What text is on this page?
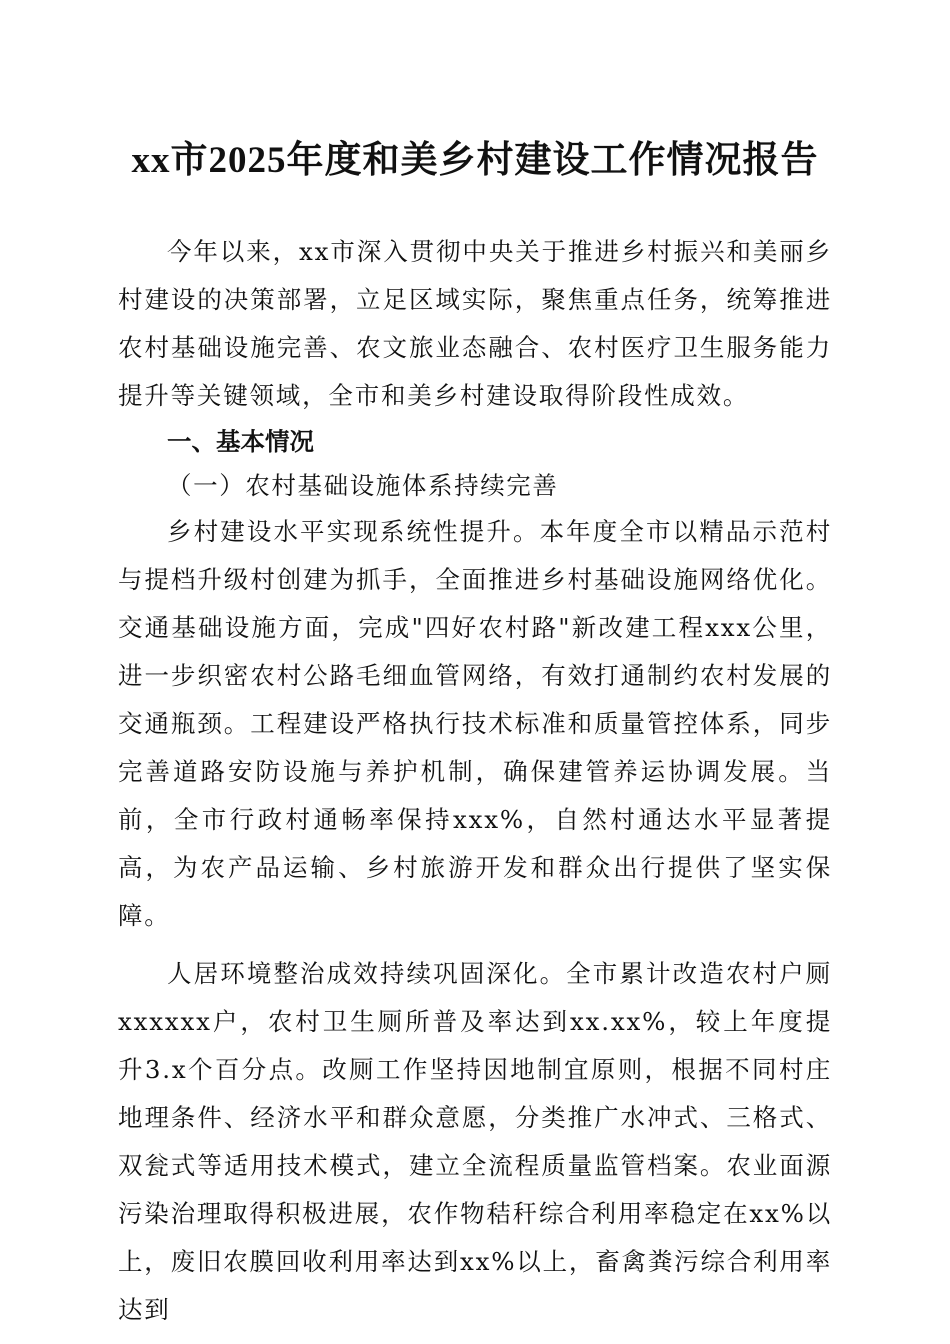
xx市2025年度和美乡村建设工作情况报告

今年以来，xx市深入贯彻中央关于推进乡村振兴和美丽乡村建设的决策部署，立足区域实际，聚焦重点任务，统筹推进农村基础设施完善、农文旅业态融合、农村医疗卫生服务能力提升等关键领域，全市和美乡村建设取得阶段性成效。

一、基本情况

（一）农村基础设施体系持续完善

乡村建设水平实现系统性提升。本年度全市以精品示范村与提档升级村创建为抓手，全面推进乡村基础设施网络优化。交通基础设施方面，完成"四好农村路"新改建工程xxx公里，进一步织密农村公路毛细血管网络，有效打通制约农村发展的交通瓶颈。工程建设严格执行技术标准和质量管控体系，同步完善道路安防设施与养护机制，确保建管养运协调发展。当前，全市行政村通畅率保持xxx%，自然村通达水平显著提高，为农产品运输、乡村旅游开发和群众出行提供了坚实保障。

人居环境整治成效持续巩固深化。全市累计改造农村户厕xxxxxx户，农村卫生厕所普及率达到xx.xx%，较上年度提升3.x个百分点。改厕工作坚持因地制宜原则，根据不同村庄地理条件、经济水平和群众意愿，分类推广水冲式、三格式、双瓮式等适用技术模式，建立全流程质量监管档案。农业面源污染治理取得积极进展，农作物秸秆综合利用率稳定在xx%以上，废旧农膜回收利用率达到xx%以上，畜禽粪污综合利用率达到
